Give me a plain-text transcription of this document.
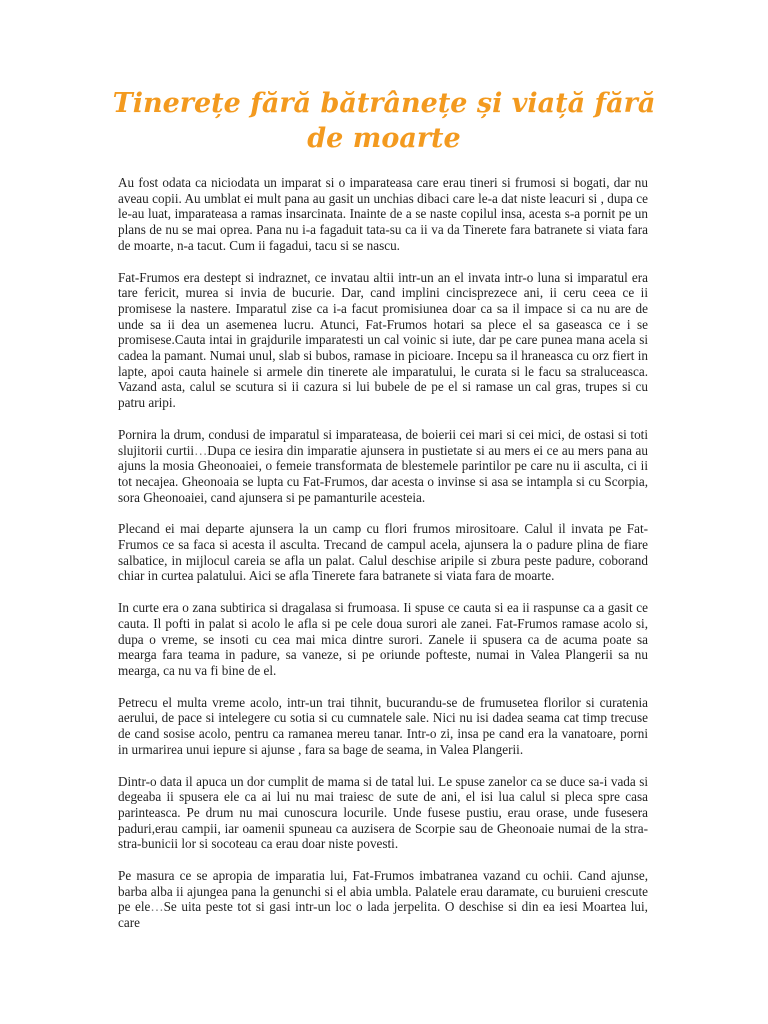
Tinerețe fără bătrânețe și viață fără
de moarte

Au fost odata ca niciodata un imparat si o imparateasa care erau tineri si frumosi si bogati, dar nu aveau copii. Au umblat ei mult pana au gasit un unchias dibaci care le-a dat niste leacuri si , dupa ce le-au luat, imparateasa a ramas insarcinata. Inainte de a se naste copilul insa, acesta s-a pornit pe un plans de nu se mai oprea. Pana nu i-a fagaduit tata-su ca ii va da Tinerete fara batranete si viata fara de moarte, n-a tacut. Cum ii fagadui, tacu si se nascu.

Fat-Frumos era destept si indraznet, ce invatau altii intr-un an el invata intr-o luna si imparatul era tare fericit, murea si invia de bucurie. Dar, cand implini cincisprezece ani, ii ceru ceea ce ii promisese la nastere. Imparatul zise ca i-a facut promisiunea doar ca sa il impace si ca nu are de unde sa ii dea un asemenea lucru. Atunci, Fat-Frumos hotari sa plece el sa gaseasca ce i se promisese.Cauta intai in grajdurile imparatesti un cal voinic si iute, dar pe care punea mana acela si cadea la pamant. Numai unul, slab si bubos, ramase in picioare. Incepu sa il hraneasca cu orz fiert in lapte, apoi cauta hainele si armele din tinerete ale imparatului, le curata si le facu sa straluceasca. Vazand asta, calul se scutura si ii cazura si lui bubele de pe el si ramase un cal gras, trupes si cu patru aripi.

Pornira la drum, condusi de imparatul si imparateasa, de boierii cei mari si cei mici, de ostasi si toti slujitorii curtii…Dupa ce iesira din imparatie ajunsera in pustietate si au mers ei ce au mers pana au ajuns la mosia Gheonoaiei, o femeie transformata de blestemele parintilor pe care nu ii asculta, ci ii tot necajea. Gheonoaia se lupta cu Fat-Frumos, dar acesta o invinse si asa se intampla si cu Scorpia, sora Gheonoaiei, cand ajunsera si pe pamanturile acesteia.

Plecand ei mai departe ajunsera la un camp cu flori frumos mirositoare. Calul il invata pe Fat-Frumos ce sa faca si acesta il asculta. Trecand de campul acela, ajunsera la o padure plina de fiare salbatice, in mijlocul careia se afla un palat. Calul deschise aripile si zbura peste padure, coborand chiar in curtea palatului. Aici se afla Tinerete fara batranete si viata fara de moarte.

In curte era o zana subtirica si dragalasa si frumoasa. Ii spuse ce cauta si ea ii raspunse ca a gasit ce cauta. Il pofti in palat si acolo le afla si pe cele doua surori ale zanei. Fat-Frumos ramase acolo si, dupa o vreme, se insoti cu cea mai mica dintre surori. Zanele ii spusera ca de acuma poate sa mearga fara teama in padure, sa vaneze, si pe oriunde pofteste, numai in Valea Plangerii sa nu mearga, ca nu va fi bine de el.

Petrecu el multa vreme acolo, intr-un trai tihnit, bucurandu-se de frumusetea florilor si curatenia aerului, de pace si intelegere cu sotia si cu cumnatele sale. Nici nu isi dadea seama cat timp trecuse de cand sosise acolo, pentru ca ramanea mereu tanar. Intr-o zi, insa pe cand era la vanatoare, porni in urmarirea unui iepure si ajunse , fara sa bage de seama, in Valea Plangerii.

Dintr-o data il apuca un dor cumplit de mama si de tatal lui. Le spuse zanelor ca se duce sa-i vada si degeaba ii spusera ele ca ai lui nu mai traiesc de sute de ani, el isi lua calul si pleca spre casa parinteasca. Pe drum nu mai cunoscura locurile. Unde fusese pustiu, erau orase, unde fusesera paduri,erau campii, iar oamenii spuneau ca auzisera de Scorpie sau de Gheonoaie numai de la stra-stra-bunicii lor si socoteau ca erau doar niste povesti.

Pe masura ce se apropia de imparatia lui, Fat-Frumos imbatranea vazand cu ochii. Cand ajunse, barba alba ii ajungea pana la genunchi si el abia umbla. Palatele erau daramate, cu buruieni crescute pe ele…Se uita peste tot si gasi intr-un loc o lada jerpelita. O deschise si din ea iesi Moartea lui, care
